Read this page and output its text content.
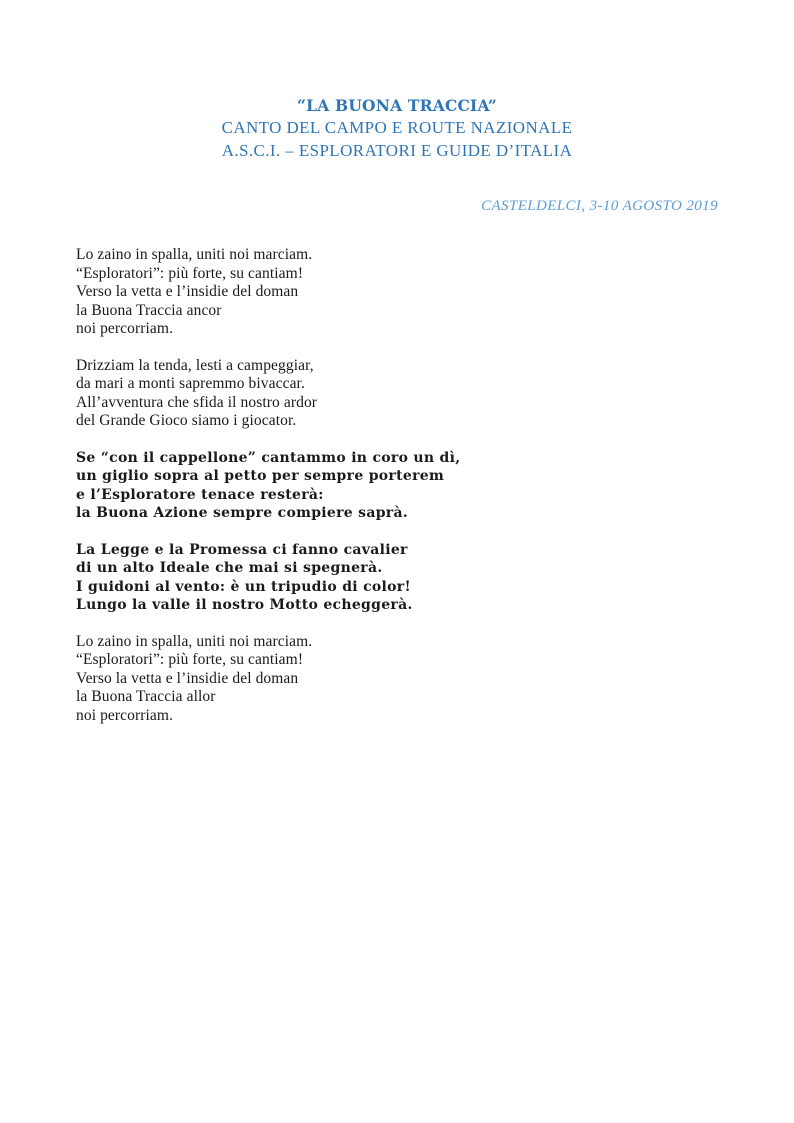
“LA BUONA TRACCIA”
CANTO DEL CAMPO E ROUTE NAZIONALE
A.S.C.I. – ESPLORATORI E GUIDE D’ITALIA
CASTELDELCI, 3-10 AGOSTO 2019
Lo zaino in spalla, uniti noi marciam.
“Esploratori”: più forte, su cantiam!
Verso la vetta e l’insidie del doman
la Buona Traccia ancor
noi percorriam.
Drizziam la tenda, lesti a campeggiar,
da mari a monti sapremmo bivaccar.
All’avventura che sfida il nostro ardor
del Grande Gioco siamo i giocator.
Se “con il cappellone” cantammo in coro un dì,
un giglio sopra al petto per sempre porterem
e l’Esploratore tenace resterà:
la Buona Azione sempre compiere saprà.
La Legge e la Promessa ci fanno cavalier
di un alto Ideale che mai si spegnerà.
I guidoni al vento: è un tripudio di color!
Lungo la valle il nostro Motto echeggerà.
Lo zaino in spalla, uniti noi marciam.
“Esploratori”: più forte, su cantiam!
Verso la vetta e l’insidie del doman
la Buona Traccia allor
noi percorriam.
